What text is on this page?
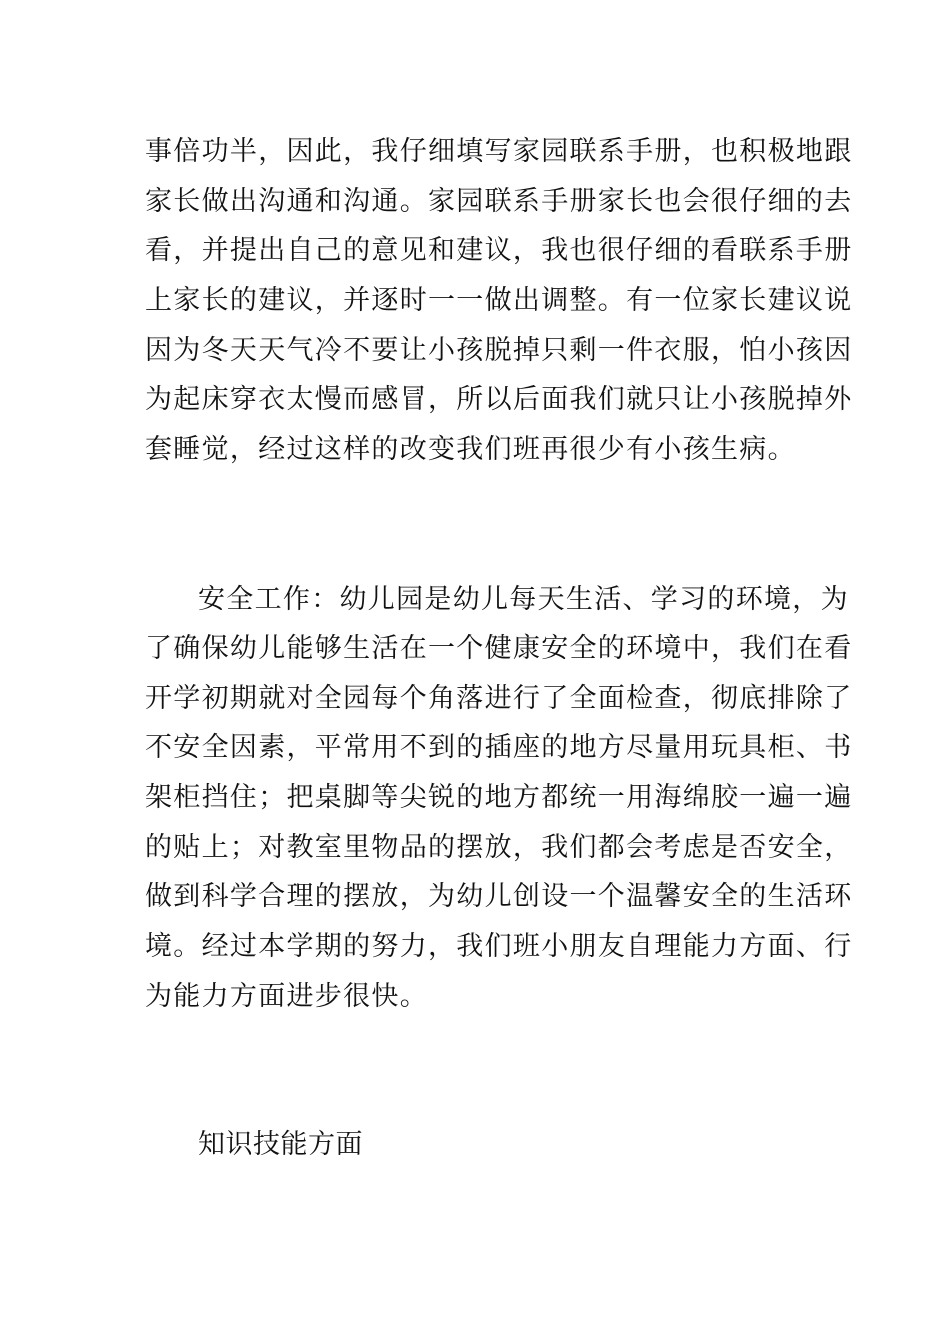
事倍功半，因此，我仔细填写家园联系手册，也积极地跟
家长做出沟通和沟通。家园联系手册家长也会很仔细的去
看，并提出自己的意见和建议，我也很仔细的看联系手册
上家长的建议，并逐时一一做出调整。有一位家长建议说
因为冬天天气冷不要让小孩脱掉只剩一件衣服，怕小孩因
为起床穿衣太慢而感冒，所以后面我们就只让小孩脱掉外
套睡觉，经过这样的改变我们班再很少有小孩生病。
安全工作：幼儿园是幼儿每天生活、学习的环境，为
了确保幼儿能够生活在一个健康安全的环境中，我们在看
开学初期就对全园每个角落进行了全面检查，彻底排除了
不安全因素，平常用不到的插座的地方尽量用玩具柜、书
架柜挡住；把桌脚等尖锐的地方都统一用海绵胶一遍一遍
的贴上；对教室里物品的摆放，我们都会考虑是否安全，
做到科学合理的摆放，为幼儿创设一个温馨安全的生活环
境。经过本学期的努力，我们班小朋友自理能力方面、行
为能力方面进步很快。
知识技能方面
